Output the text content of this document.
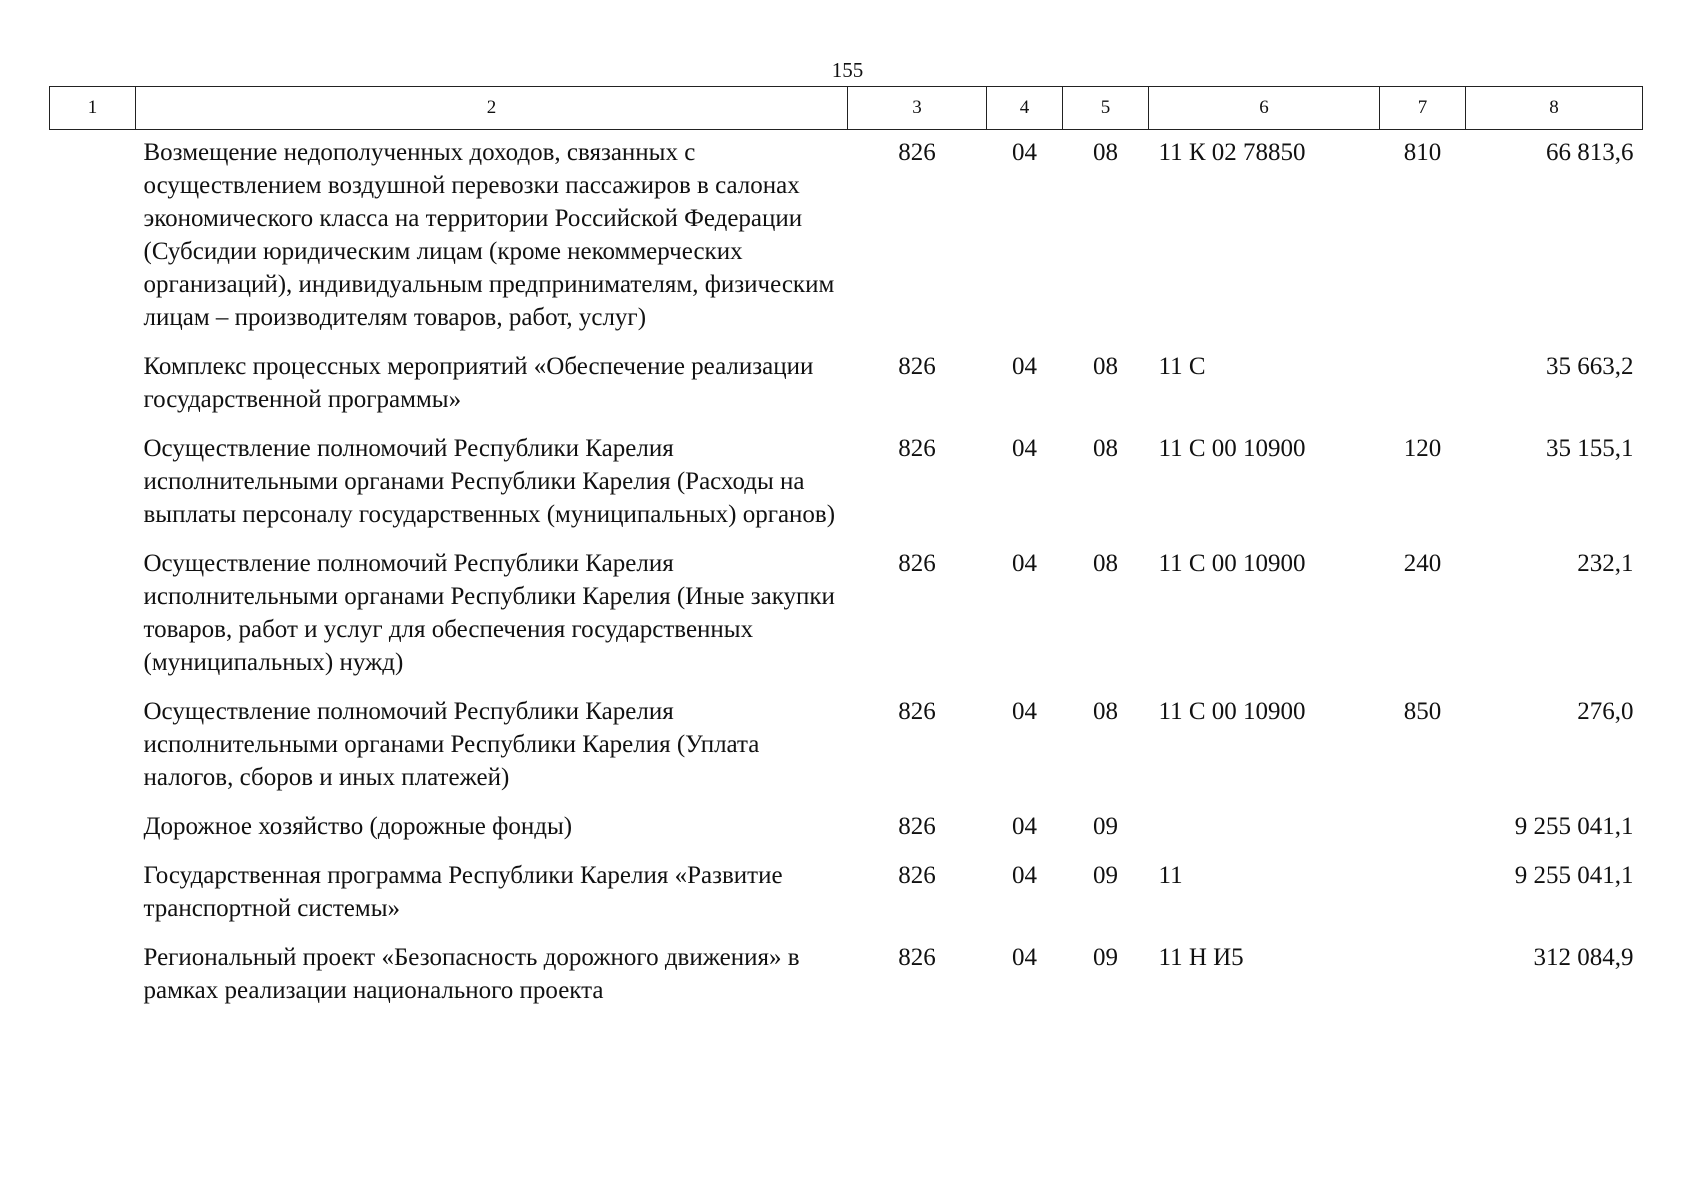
155
1	2	3	4	5	6	7	8
	Возмещение недополученных доходов, связанных с осуществлением воздушной перевозки пассажиров в салонах экономического класса на территории Российской Федерации (Субсидии юридическим лицам (кроме некоммерческих организаций), индивидуальным предпринимателям, физическим лицам – производителям товаров, работ, услуг)	826	04	08	11 К 02 78850	810	66 813,6
	Комплекс процессных мероприятий «Обеспечение реализации государственной программы»	826	04	08	11 С		35 663,2
	Осуществление полномочий Республики Карелия исполнительными органами Республики Карелия (Расходы на выплаты персоналу государственных (муниципальных) органов)	826	04	08	11 С 00 10900	120	35 155,1
	Осуществление полномочий Республики Карелия исполнительными органами Республики Карелия (Иные закупки товаров, работ и услуг для обеспечения государственных (муниципальных) нужд)	826	04	08	11 С 00 10900	240	232,1
	Осуществление полномочий Республики Карелия исполнительными органами Республики Карелия (Уплата налогов, сборов и иных платежей)	826	04	08	11 С 00 10900	850	276,0
	Дорожное хозяйство (дорожные фонды)	826	04	09			9 255 041,1
	Государственная программа Республики Карелия «Развитие транспортной системы»	826	04	09	11		9 255 041,1
	Региональный проект «Безопасность дорожного движения» в рамках реализации национального проекта	826	04	09	11 Н И5		312 084,9
